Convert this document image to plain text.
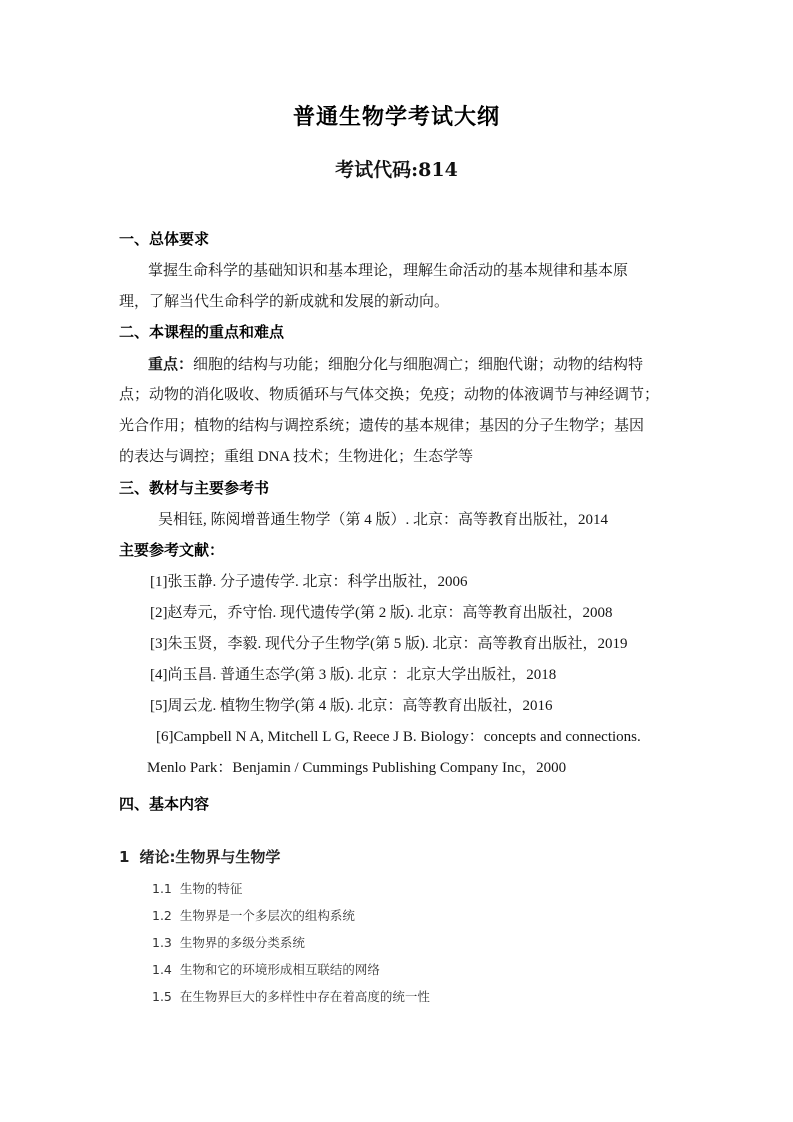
普通生物学考试大纲
考试代码:814
一、总体要求
掌握生命科学的基础知识和基本理论，理解生命活动的基本规律和基本原
理，了解当代生命科学的新成就和发展的新动向。
二、本课程的重点和难点
重点：细胞的结构与功能；细胞分化与细胞凋亡；细胞代谢；动物的结构特
点；动物的消化吸收、物质循环与气体交换；免疫；动物的体液调节与神经调节；
光合作用；植物的结构与调控系统；遗传的基本规律；基因的分子生物学；基因
的表达与调控；重组 DNA 技术；生物进化；生态学等
三、教材与主要参考书
吴相钰, 陈阅增普通生物学（第 4 版）. 北京：高等教育出版社，2014
主要参考文献：
[1]张玉静. 分子遗传学. 北京：科学出版社，2006
[2]赵寿元，乔守怡. 现代遗传学(第 2 版). 北京：高等教育出版社，2008
[3]朱玉贤，李毅. 现代分子生物学(第 5 版). 北京：高等教育出版社，2019
[4]尚玉昌. 普通生态学(第 3 版). 北京 ：北京大学出版社，2018
[5]周云龙. 植物生物学(第 4 版). 北京：高等教育出版社，2016
[6]Campbell N A, Mitchell L G, Reece J B. Biology：concepts and connections.
Menlo Park：Benjamin / Cummings Publishing Company Inc，2000
四、基本内容
1 绪论:生物界与生物学
1.1 生物的特征
1.2 生物界是一个多层次的组构系统
1.3 生物界的多级分类系统
1.4 生物和它的环境形成相互联结的网络
1.5 在生物界巨大的多样性中存在着高度的统一性
